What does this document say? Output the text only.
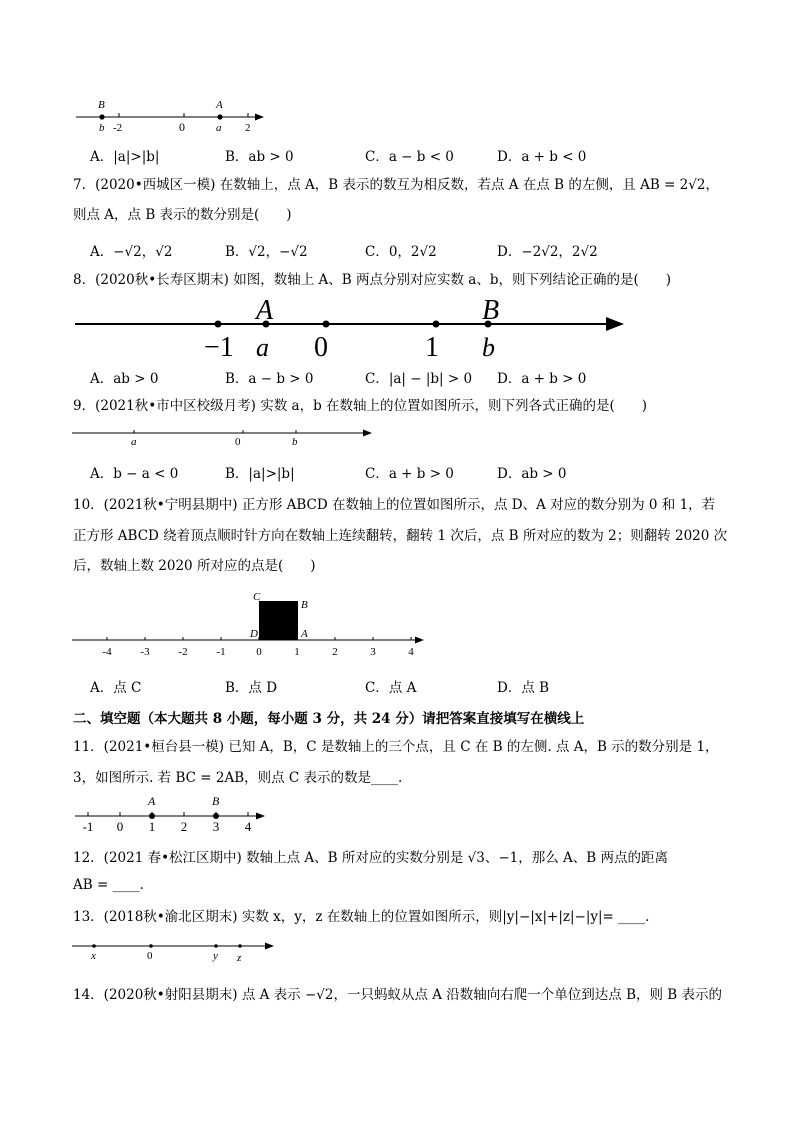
B
b -2	0
A
a 2
A．|a|>|b|	B．ab > 0	C．a − b < 0	D．a + b < 0
7．(2020•西城区一模) 在数轴上，点 A，B 表示的数互为相反数，若点 A 在点 B 的左侧，且 AB = 2√2，
则点 A，点 B 表示的数分别是(　　)
A．−√2，√2	B．√2，−√2	C．0，2√2	D．−2√2，2√2
8．(2020秋•长寿区期末) 如图，数轴上 A、B 两点分别对应实数 a、b，则下列结论正确的是(　　)
A	B
−1 a 0	1 b
A．ab > 0	B．a − b > 0	C．|a| − |b| > 0 D．a + b > 0
9．(2021秋•市中区校级月考) 实数 a，b 在数轴上的位置如图所示，则下列各式正确的是(　　)
a	0	b
A．b − a < 0	B．|a|>|b|	C．a + b > 0	D．ab > 0
10．(2021秋•宁明县期中) 正方形 ABCD 在数轴上的位置如图所示，点 D、A 对应的数分别为 0 和 1，若
正方形 ABCD 绕着顶点顺时针方向在数轴上连续翻转，翻转 1 次后，点 B 所对应的数为 2；则翻转 2020 次
后，数轴上数 2020 所对应的点是(　　)
C
B
D	A
-4	-3	-2	-1	0	1	2	3	4
A．点 C	B．点 D	C．点 A	D．点 B
二、填空题（本大题共 8 小题，每小题 3 分，共 24 分）请把答案直接填写在横线上
11．(2021•桓台县一模) 已知 A，B，C 是数轴上的三个点，且 C 在 B 的左侧. 点 A，B 示的数分别是 1，
3，如图所示. 若 BC = 2AB，则点 C 表示的数是____.
A	B
-1 0 1 2 3 4
12．(2021 春•松江区期中) 数轴上点 A、B 所对应的实数分别是 √3、−1，那么 A、B 两点的距离
AB = ____.
13．(2018秋•渝北区期末) 实数 x，y，z 在数轴上的位置如图所示，则|y|−|x|+|z|−|y|= ____.
x	0	y z
14．(2020秋•射阳县期末) 点 A 表示 −√2，一只蚂蚁从点 A 沿数轴向右爬一个单位到达点 B，则 B 表示的
